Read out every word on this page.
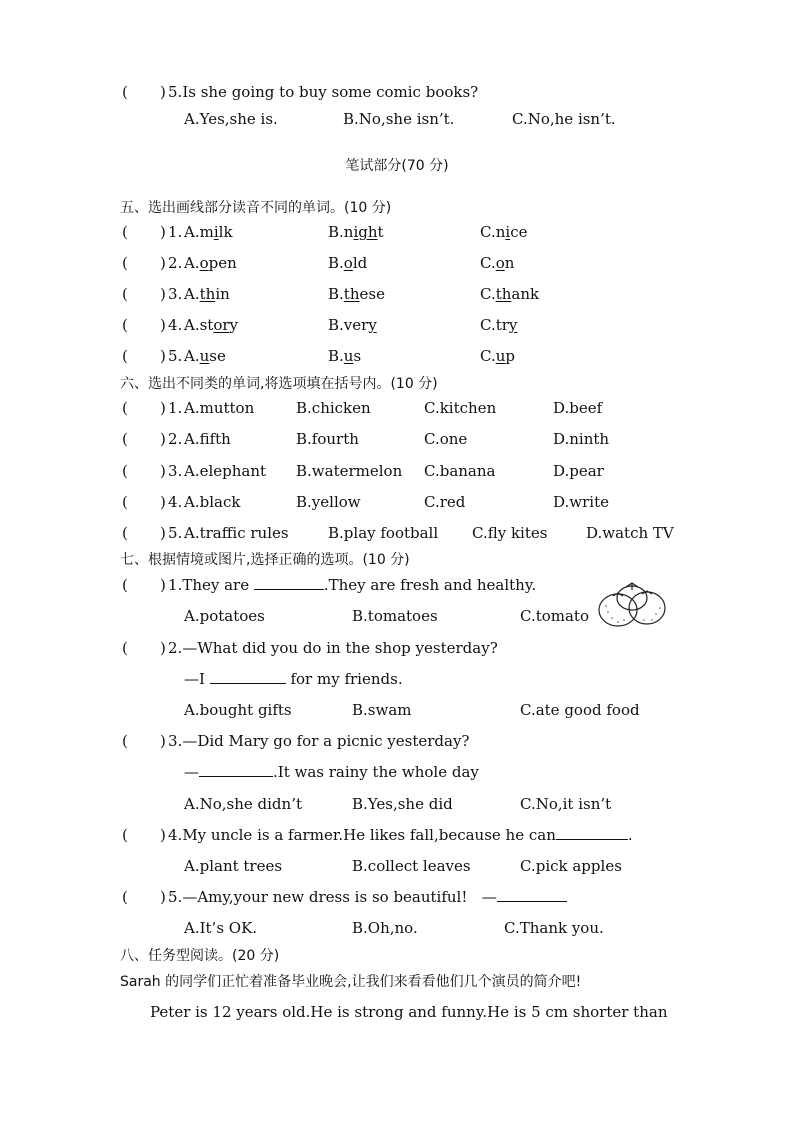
( ) 5.Is she going to buy some comic books?
A.Yes,she is.	B.No,she isn’t.	C.No,he isn’t.
笔试部分(70 分)
五、选出画线部分读音不同的单词。(10 分)
( ) 1. A.milk	B.night	C.nice
( ) 2. A.open	B.old	C.on
( ) 3. A.thin	B.these	C.thank
( ) 4. A.story	B.very	C.try
( ) 5. A.use	B.us	C.up
六、选出不同类的单词,将选项填在括号内。(10 分)
( ) 1. A.mutton	B.chicken	C.kitchen	D.beef
( ) 2. A.fifth	B.fourth	C.one	D.ninth
( ) 3. A.elephant B.watermelon C.banana	D.pear
( ) 4. A.black	B.yellow	C.red	D.write
( ) 5. A.traffic rules	B.play football C.fly kites	D.watch TV
七、根据情境或图片,选择正确的选项。(10 分)
( ) 1.They are	.They are fresh and healthy.
A.potatoes	B.tomatoes	C.tomato
( ) 2.—What did you do in the shop yesterday?
—I	for my friends.
A.bought gifts	B.swam	C.ate good food
( ) 3.—Did Mary go for a picnic yesterday?
—	.It was rainy the whole day
A.No,she didn’t	B.Yes,she did	C.No,it isn’t
( ) 4.My uncle is a farmer.He likes fall,because he can	.
A.plant trees	B.collect leaves	C.pick apples
( ) 5.—Amy,your new dress is so beautiful!   —
A.It’s OK.	B.Oh,no.	C.Thank you.
八、任务型阅读。(20 分)
Sarah 的同学们正忙着准备毕业晚会,让我们来看看他们几个演员的简介吧!
Peter is 12 years old.He is strong and funny.He is 5 cm shorter than
